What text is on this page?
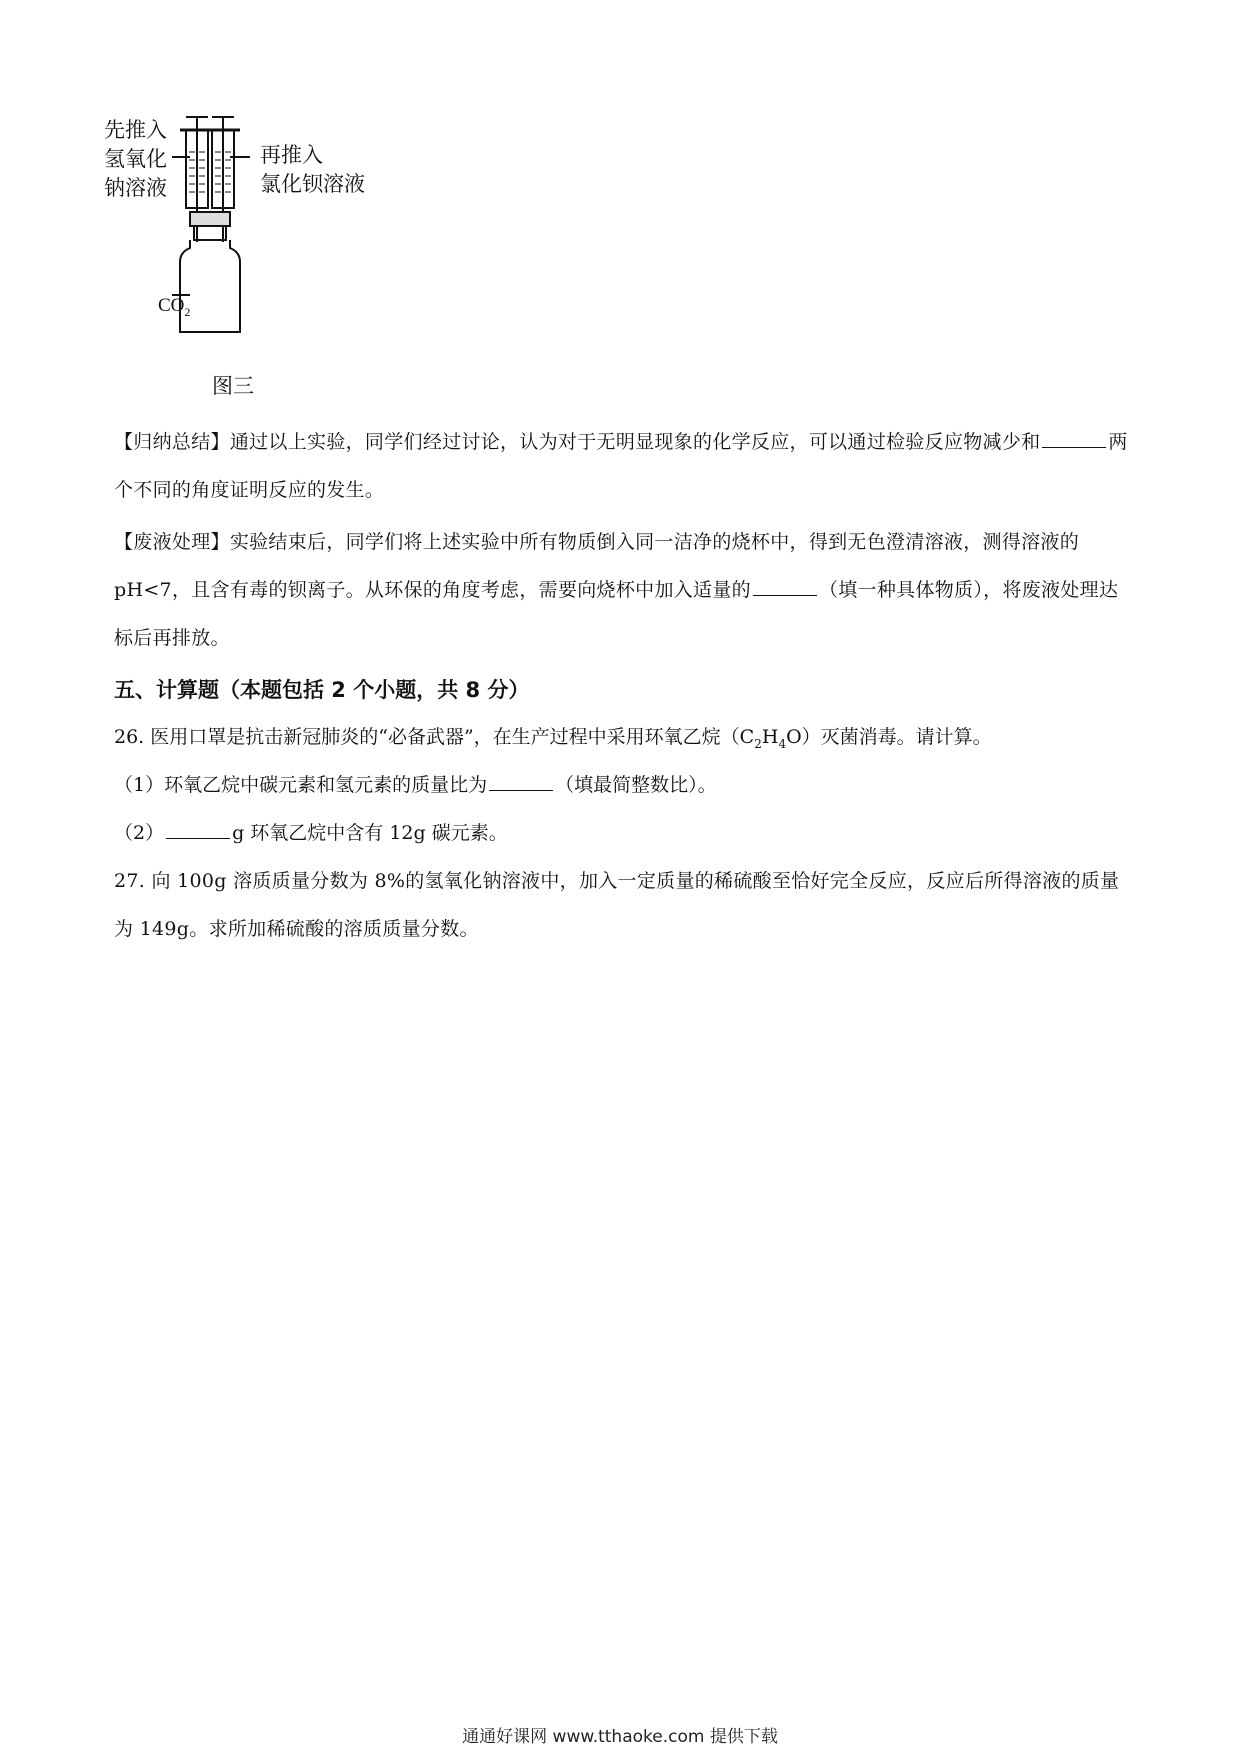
先推入
氢氧化
钠溶液
再推入
氯化钡溶液
$CO_2$
图三
【归纳总结】通过以上实验，同学们经过讨论，认为对于无明显现象的化学反应，可以通过检验反应物减少和	两个不同的角度证明反应的发生。
【废液处理】实验结束后，同学们将上述实验中所有物质倒入同一洁净的烧杯中，得到无色澄清溶液，测得溶液的 pH<7，且含有毒的钡离子。从环保的角度考虑，需要向烧杯中加入适量的	（填一种具体物质），将废液处理达标后再排放。
五、计算题（本题包括 2 个小题，共 8 分）
26. 医用口罩是抗击新冠肺炎的“必备武器”，在生产过程中采用环氧乙烷$(C_2H_4O)$灭菌消毒。请计算。
（1）环氧乙烷中碳元素和氢元素的质量比为	（填最简整数比）。
（2）	g 环氧乙烷中含有 12g 碳元素。
27. 向 100g 溶质质量分数为 8%的氢氧化钠溶液中，加入一定质量的稀硫酸至恰好完全反应，反应后所得溶液的质量为 149g。求所加稀硫酸的溶质质量分数。
通通好课网 www.tthaoke.com 提供下载
